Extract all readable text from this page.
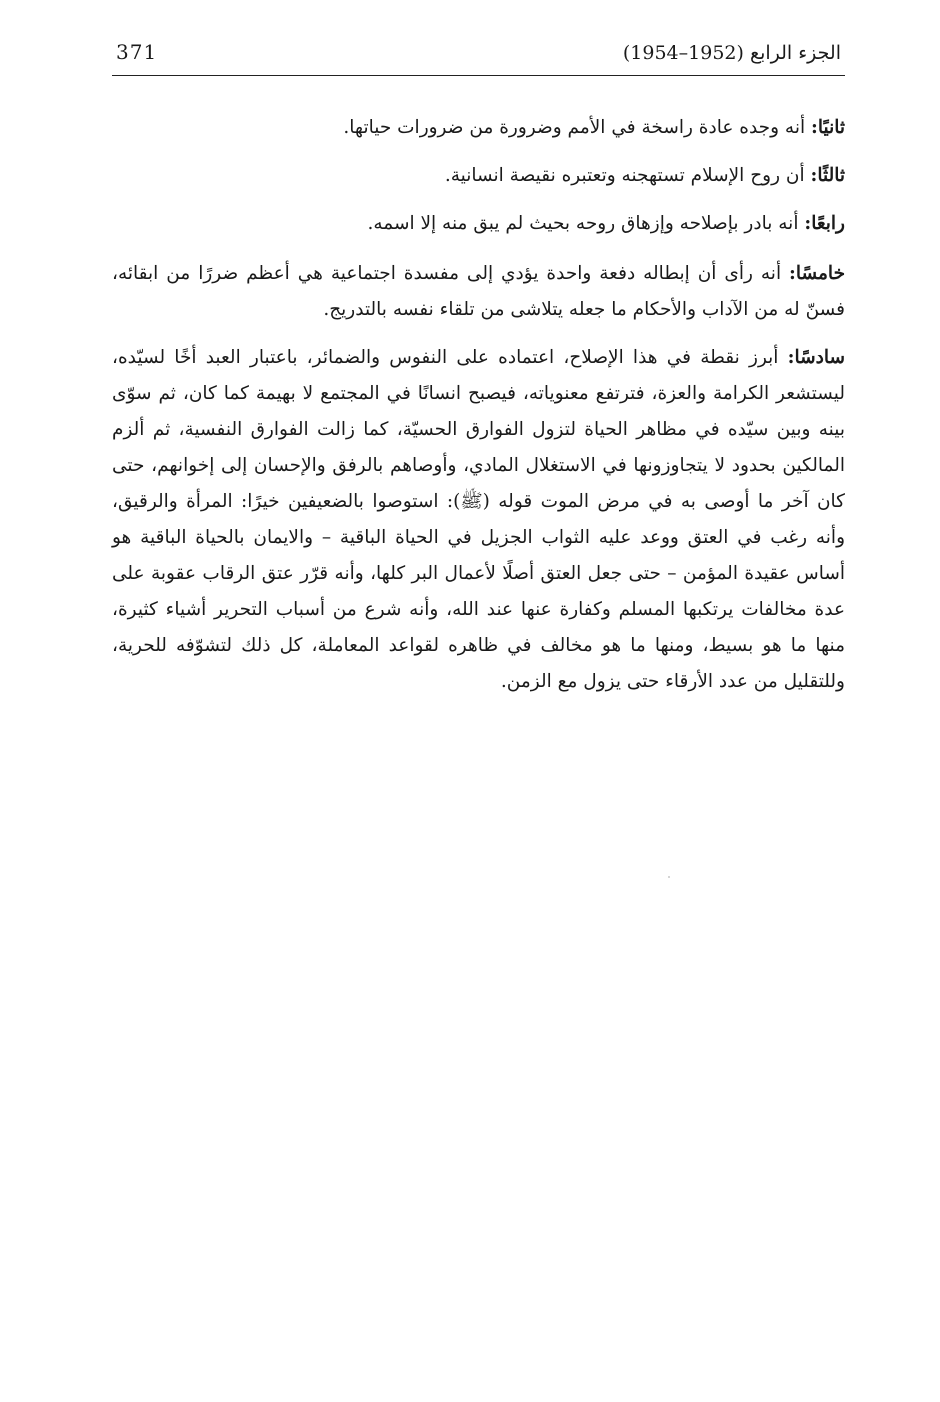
371	الجزء الرابع (1952–1954)

ثانيًا: أنه وجده عادة راسخة في الأمم وضرورة من ضرورات حياتها.

ثالثًا: أن روح الإسلام تستهجنه وتعتبره نقيصة انسانية.

رابعًا: أنه بادر بإصلاحه وإزهاق روحه بحيث لم يبق منه إلا اسمه.

خامسًا: أنه رأى أن إبطاله دفعة واحدة يؤدي إلى مفسدة اجتماعية هي أعظم ضررًا من ابقائه، فسنّ له من الآداب والأحكام ما جعله يتلاشى من تلقاء نفسه بالتدريج.

سادسًا: أبرز نقطة في هذا الإصلاح، اعتماده على النفوس والضمائر، باعتبار العبد أخًا لسيّده، ليستشعر الكرامة والعزة، فترتفع معنوياته، فيصبح انسانًا في المجتمع لا بهيمة كما كان، ثم سوّى بينه وبين سيّده في مظاهر الحياة لتزول الفوارق الحسيّة، كما زالت الفوارق النفسية، ثم ألزم المالكين بحدود لا يتجاوزونها في الاستغلال المادي، وأوصاهم بالرفق والإحسان إلى إخوانهم، حتى كان آخر ما أوصى به في مرض الموت قوله (ﷺ): استوصوا بالضعيفين خيرًا: المرأة والرقيق، وأنه رغب في العتق ووعد عليه الثواب الجزيل في الحياة الباقية – والايمان بالحياة الباقية هو أساس عقيدة المؤمن – حتى جعل العتق أصلًا لأعمال البر كلها، وأنه قرّر عتق الرقاب عقوبة على عدة مخالفات يرتكبها المسلم وكفارة عنها عند الله، وأنه شرع من أسباب التحرير أشياء كثيرة، منها ما هو بسيط، ومنها ما هو مخالف في ظاهره لقواعد المعاملة، كل ذلك لتشوّفه للحرية، وللتقليل من عدد الأرقاء حتى يزول مع الزمن.
